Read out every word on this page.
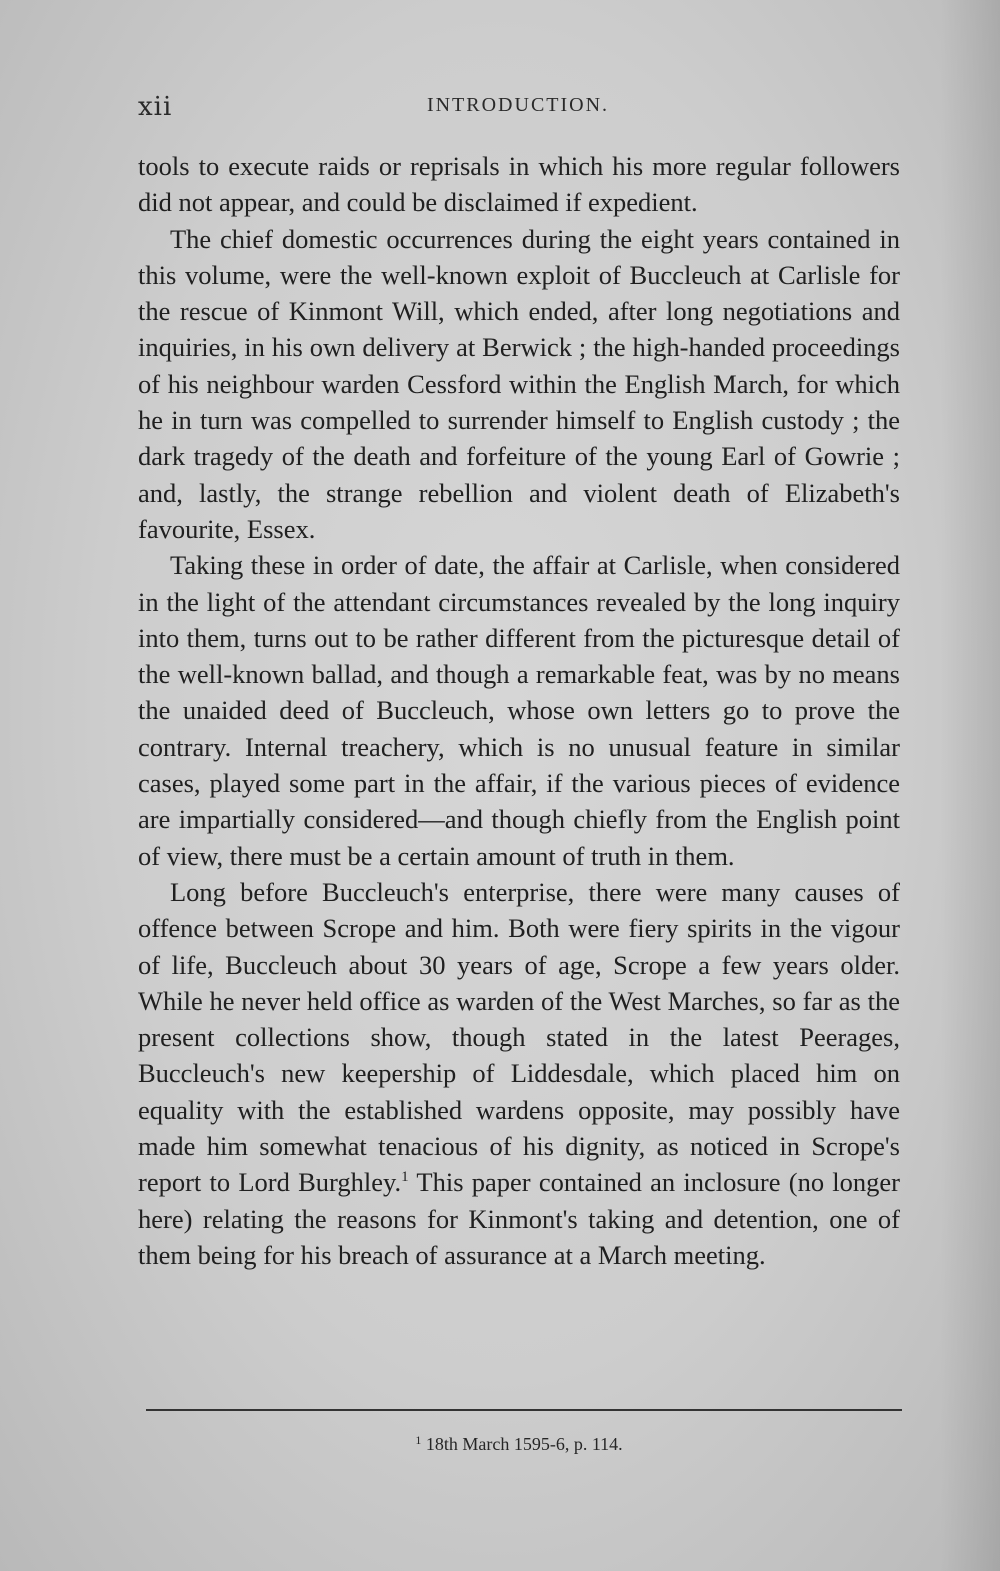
xii	INTRODUCTION.

tools to execute raids or reprisals in which his more regular followers did not appear, and could be disclaimed if expedient.

The chief domestic occurrences during the eight years contained in this volume, were the well-known exploit of Buccleuch at Carlisle for the rescue of Kinmont Will, which ended, after long negotiations and inquiries, in his own delivery at Berwick ; the high-handed proceedings of his neighbour warden Cessford within the English March, for which he in turn was compelled to surrender himself to English custody ; the dark tragedy of the death and forfeiture of the young Earl of Gowrie ; and, lastly, the strange rebellion and violent death of Elizabeth's favourite, Essex.

Taking these in order of date, the affair at Carlisle, when considered in the light of the attendant circumstances revealed by the long inquiry into them, turns out to be rather different from the picturesque detail of the well-known ballad, and though a remarkable feat, was by no means the unaided deed of Buccleuch, whose own letters go to prove the contrary. Internal treachery, which is no unusual feature in similar cases, played some part in the affair, if the various pieces of evidence are impartially considered—and though chiefly from the English point of view, there must be a certain amount of truth in them.

Long before Buccleuch's enterprise, there were many causes of offence between Scrope and him. Both were fiery spirits in the vigour of life, Buccleuch about 30 years of age, Scrope a few years older. While he never held office as warden of the West Marches, so far as the present collections show, though stated in the latest Peerages, Buccleuch's new keepership of Liddesdale, which placed him on equality with the established wardens opposite, may possibly have made him somewhat tenacious of his dignity, as noticed in Scrope's report to Lord Burghley.$^1$ This paper contained an inclosure (no longer here) relating the reasons for Kinmont's taking and detention, one of them being for his breach of assurance at a March meeting.

$^1$ 18th March 1595-6, p. 114.
